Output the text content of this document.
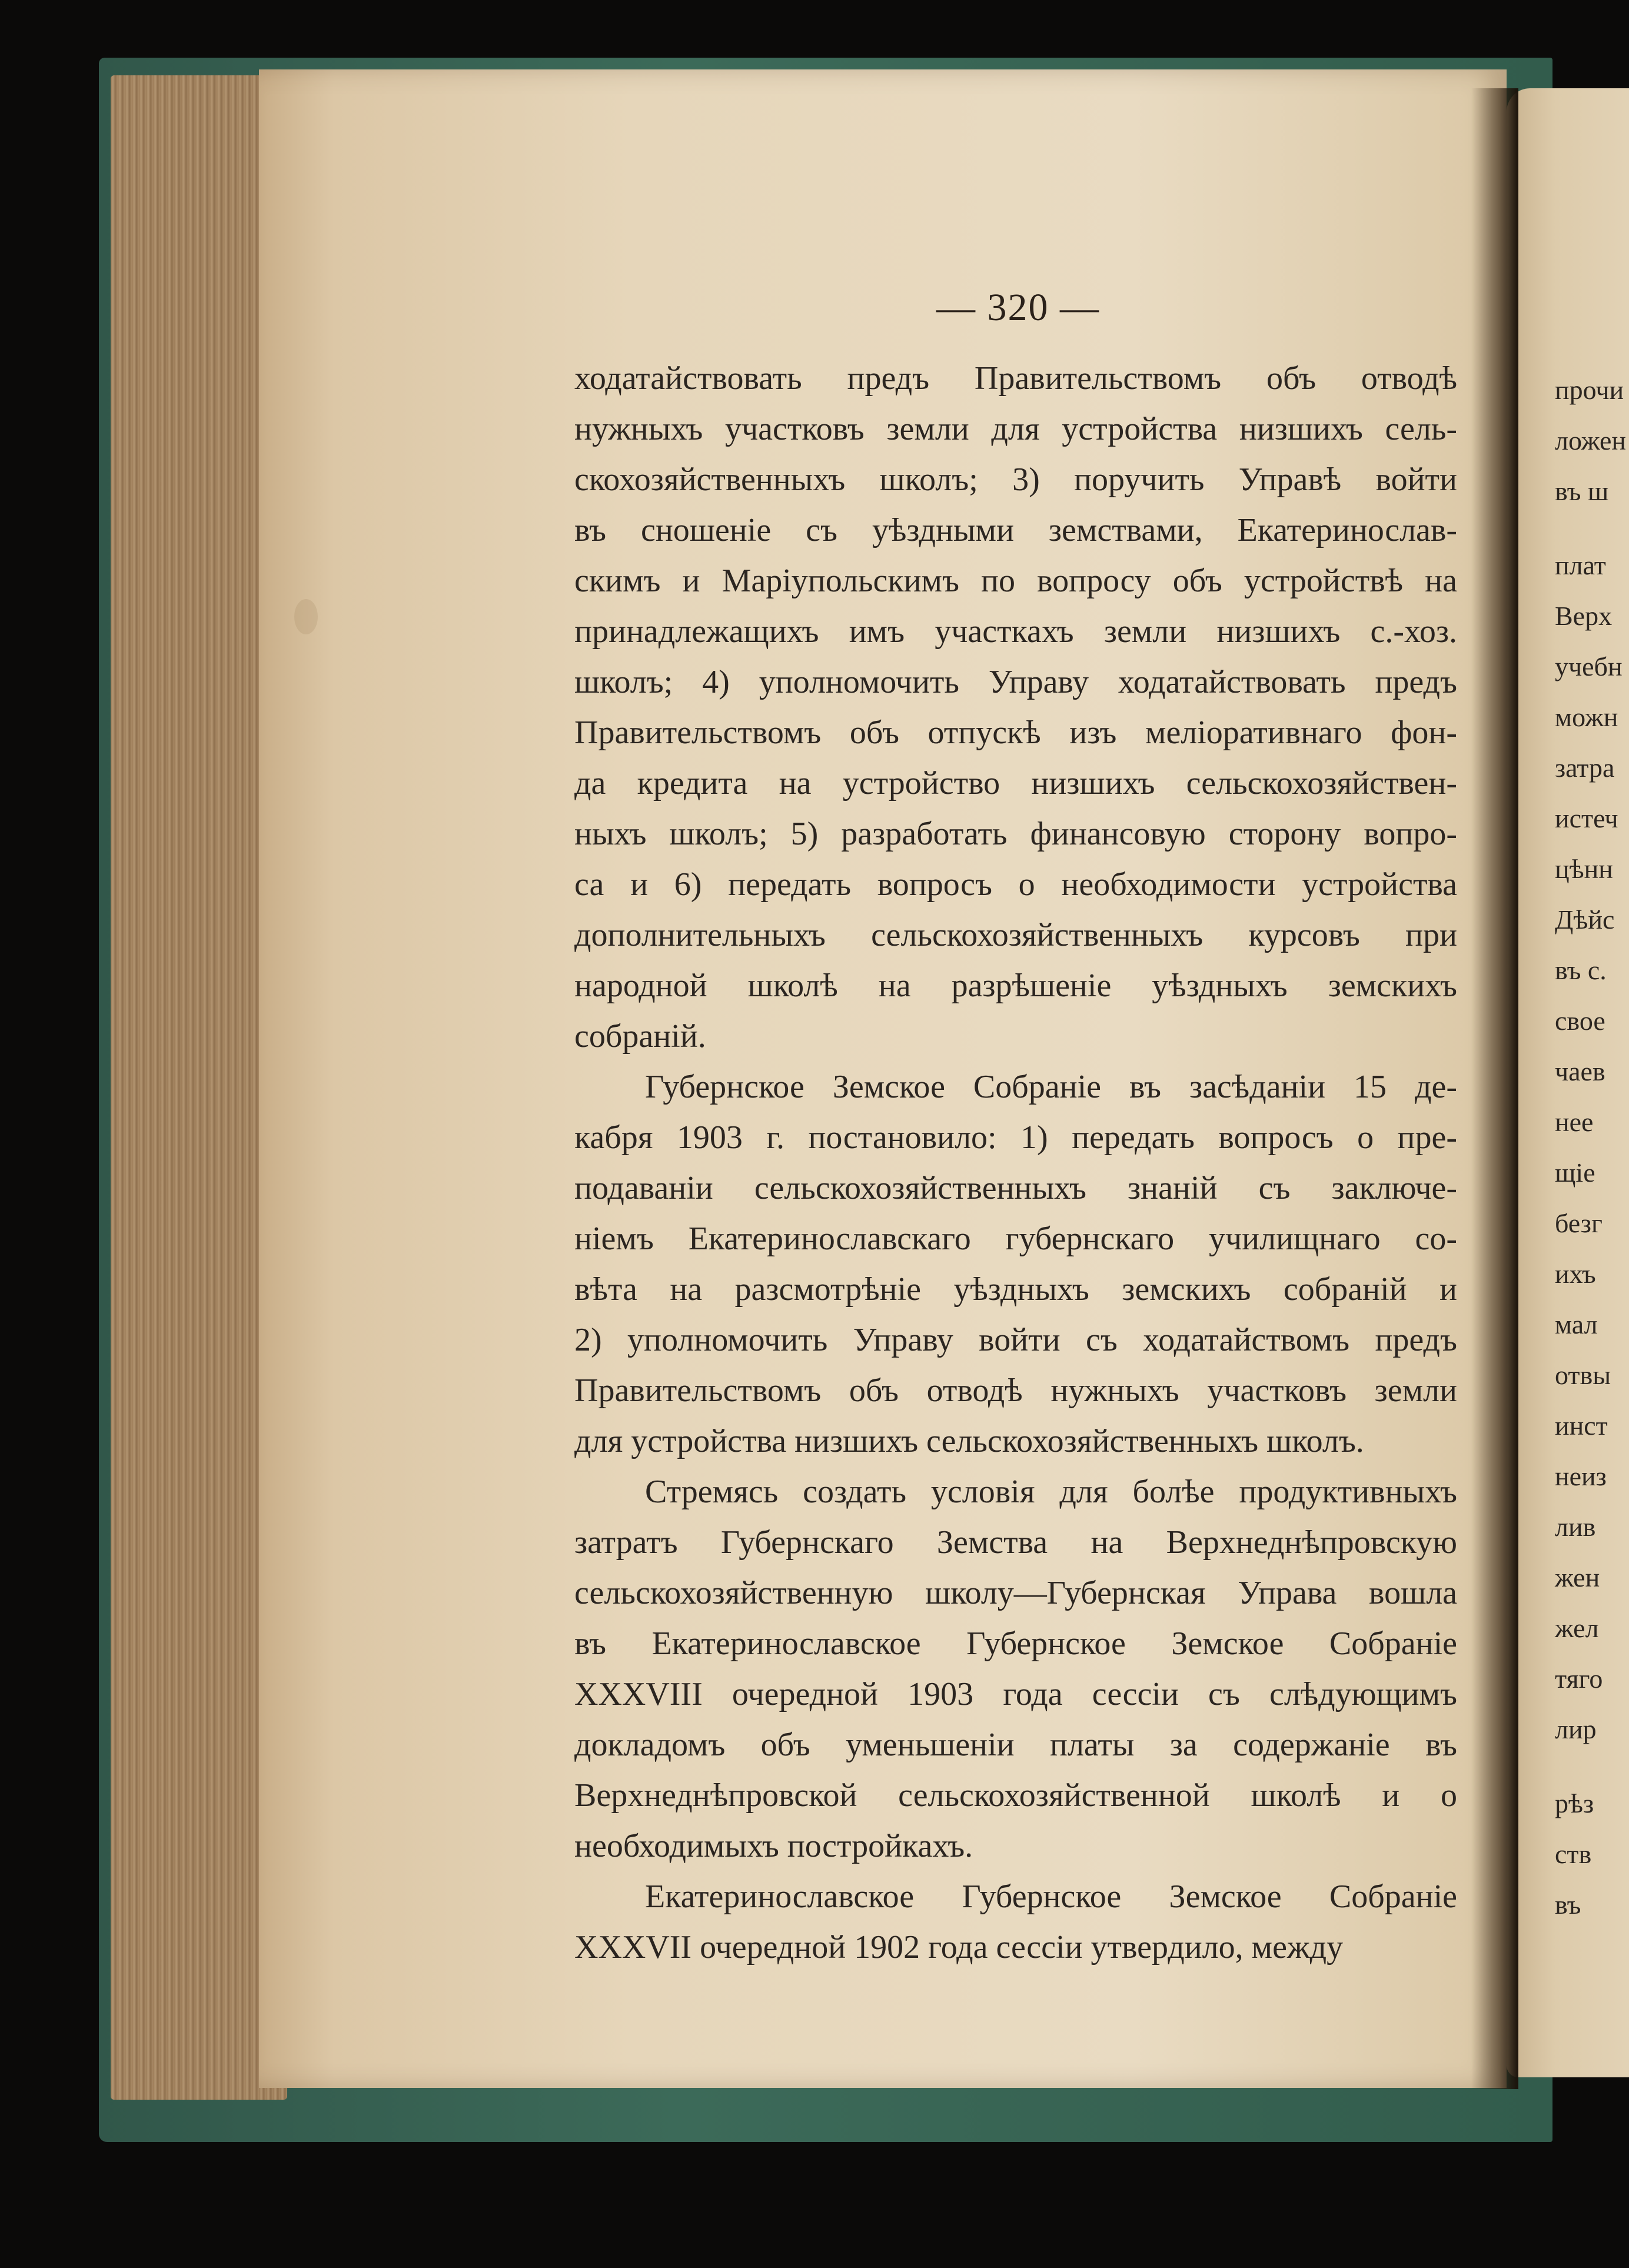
прочи
ложен
въ ш
плат
Верх
учебн
можн
затра
истеч
цѣнн
Дѣйс
въ с.
свое
чаев
нее
щіе
безг
ихъ
мал
отвы
инст
неиз
лив
жен
жел
тяго
лир
рѣз
ств
въ
— 320 —
ходатайствовать предъ Правительствомъ объ отводѣ
нужныхъ участковъ земли для устройства низшихъ сель-
скохозяйственныхъ школъ; 3) поручить Управѣ войти
въ сношеніе съ уѣздными земствами, Екатеринослав-
скимъ и Маріупольскимъ по вопросу объ устройствѣ на
принадлежащихъ имъ участкахъ земли низшихъ с.-хоз.
школъ; 4) уполномочить Управу ходатайствовать предъ
Правительствомъ объ отпускѣ изъ меліоративнаго фон-
да кредита на устройство низшихъ сельскохозяйствен-
ныхъ школъ; 5) разработать финансовую сторону вопро-
са и 6) передать вопросъ о необходимости устройства
дополнительныхъ сельскохозяйственныхъ курсовъ при
народной школѣ на разрѣшеніе уѣздныхъ земскихъ
собраній.
Губернское Земское Собраніе въ засѣданіи 15 де-
кабря 1903 г. постановило: 1) передать вопросъ о пре-
подаваніи сельскохозяйственныхъ знаній съ заключе-
ніемъ Екатеринославскаго губернскаго училищнаго со-
вѣта на разсмотрѣніе уѣздныхъ земскихъ собраній и
2) уполномочить Управу войти съ ходатайствомъ предъ
Правительствомъ объ отводѣ нужныхъ участковъ земли
для устройства низшихъ сельскохозяйственныхъ школъ.
Стремясь создать условія для болѣе продуктивныхъ
затратъ Губернскаго Земства на Верхнеднѣпровскую
сельскохозяйственную школу—Губернская Управа вошла
въ Екатеринославское Губернское Земское Собраніе
XXXVIII очередной 1903 года сессіи съ слѣдующимъ
докладомъ объ уменьшеніи платы за содержаніе въ
Верхнеднѣпровской сельскохозяйственной школѣ и о
необходимыхъ постройкахъ.
Екатеринославское Губернское Земское Собраніе
XXXVII очередной 1902 года сессіи утвердило, между
